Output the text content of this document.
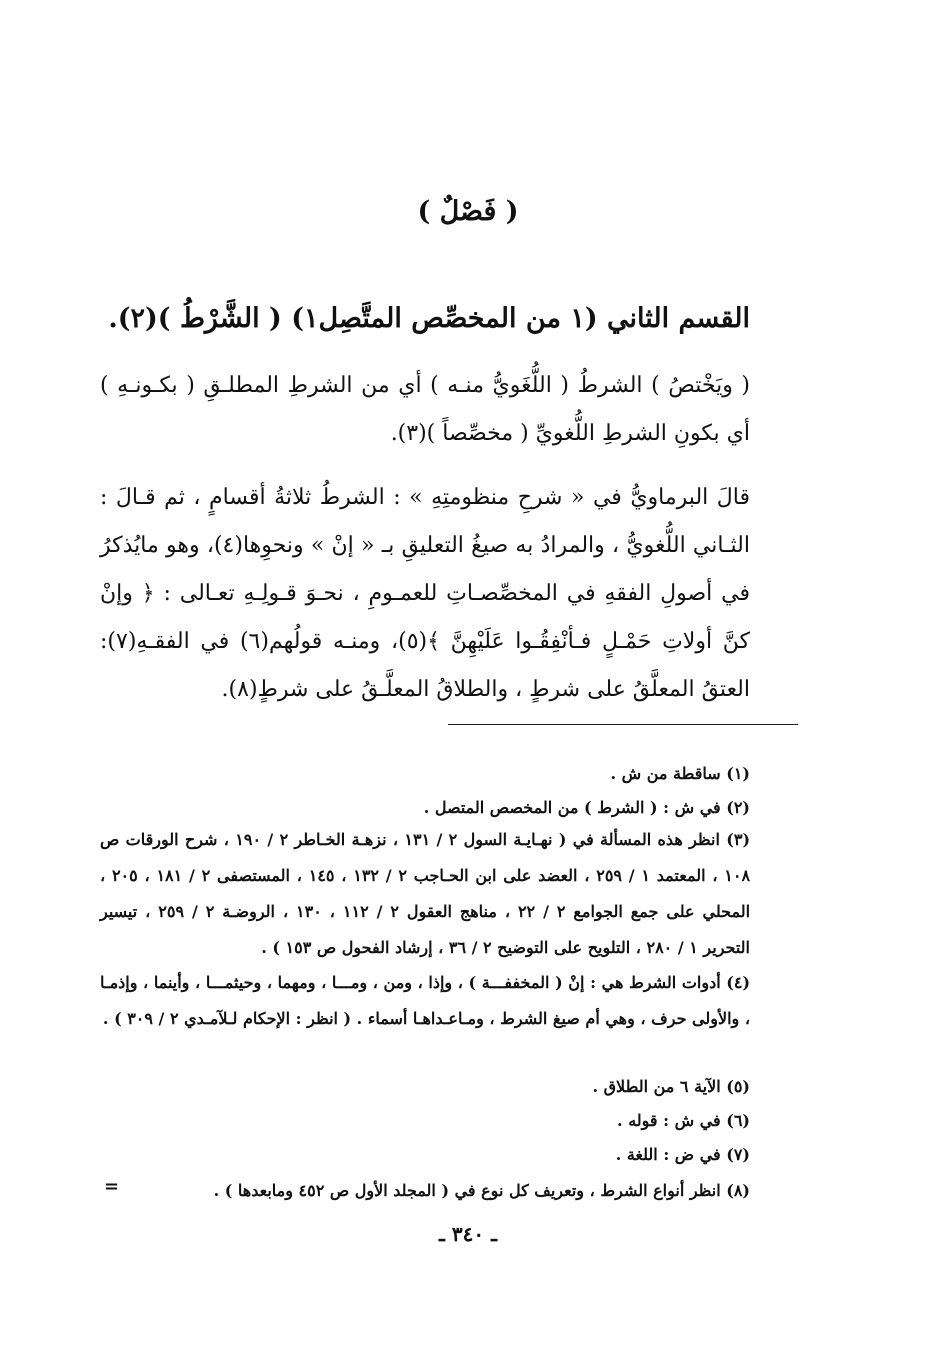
( فَصْلٌ )
القسم الثاني (١ من المخصِّص المتَّصِل١) ( الشَّرْطُ )(٢).
( ويَخْتصُ ) الشرطُ ( اللُّغَويُّ منـه ) أي من الشرطِ المطلـقِ ( بكـونـهِ ) أي بكونِ الشرطِ اللُّغويِّ ( مخصِّصاً )(٣).
قالَ البرماويُّ في « شرحِ منظومتِهِ » : الشرطُ ثلاثةُ أقسامٍ ، ثم قـالَ : الثـاني اللُّغويُّ ، والمرادُ به صيغُ التعليقِ بـ « إنْ » ونحوِها(٤)، وهو مايُذكرُ في أصولِ الفقهِ في المخصِّصـاتِ للعمـومِ ، نحـوَ قـولِـهِ تعـالى : ﴿ وإنْ كنَّ أولاتِ حَمْـلٍ فـأنْفِقُـوا عَلَيْهِنَّ ﴾(٥)، ومنـه قولُهم(٦) في الفقـهِ(٧): العتقُ المعلَّقُ على شرطٍ ، والطلاقُ المعلَّـقُ على شرطٍ(٨).
(١) ساقطة من ش .
(٢) في ش : ( الشرط ) من المخصص المتصل .
(٣) انظر هذه المسألة في ( نهـايـة السول ٢ / ١٣١ ، نزهـة الخـاطر ٢ / ١٩٠ ، شرح الورقات ص ١٠٨ ، المعتمد ١ / ٢٥٩ ، العضد على ابن الحـاجب ٢ / ١٣٢ ، ١٤٥ ، المستصفى ٢ / ١٨١ ، ٢٠٥ ، المحلي على جمع الجوامع ٢ / ٢٢ ، مناهج العقول ٢ / ١١٢ ، ١٣٠ ، الروضـة ٢ / ٢٥٩ ، تيسير التحرير ١ / ٢٨٠ ، التلويح على التوضيح ٢ / ٣٦ ، إرشاد الفحول ص ١٥٣ ) .
(٤) أدوات الشرط هي : إنْ ( المخففـــة ) ، وإذا ، ومن ، ومـــا ، ومهما ، وحيثمـــا ، وأينما ، وإذمـا ، والأولى حرف ، وهي أم صيغ الشرط ، ومـاعـداهـا أسماء . ( انظر : الإحكام لـلآمـدي ٢ / ٣٠٩ ) .
(٥) الآية ٦ من الطلاق .
(٦) في ش : قوله .
(٧) في ض : اللغة .
(٨) انظر أنواع الشرط ، وتعريف كل نوع في ( المجلد الأول ص ٤٥٢ ومابعدها ) .
=
ـ ٣٤٠ ـ
